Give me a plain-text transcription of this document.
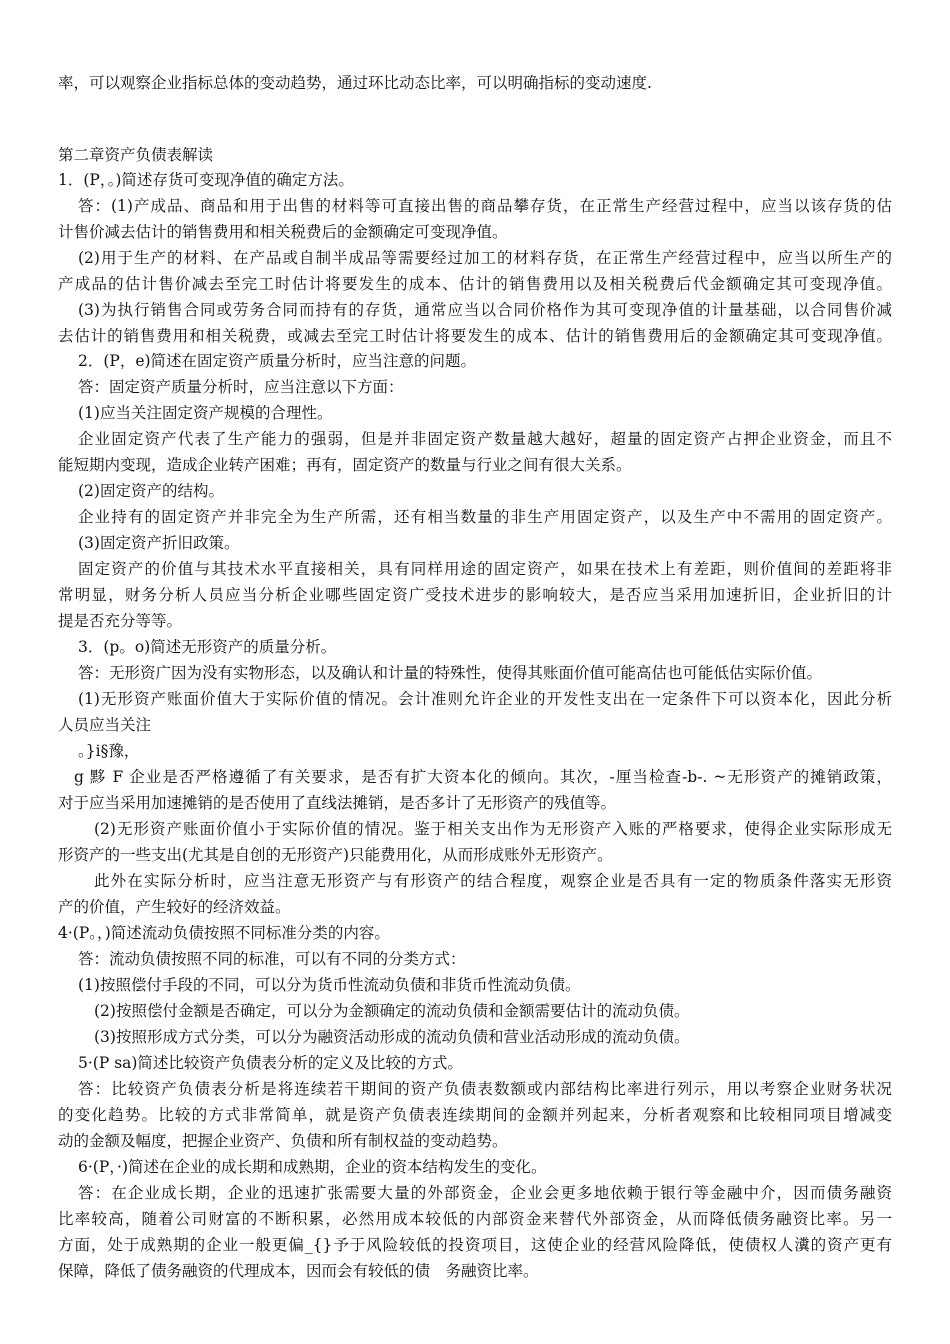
率，可以观察企业指标总体的变动趋势，通过环比动态比率，可以明确指标的变动速度.
第二章资产负债表解读
1．(P，。)简述存货可变现净值的确定方法。
答：(1)产成品、商品和用于出售的材料等可直接出售的商品攀存货，在正常生产经营过程中，应当以该存货的估
计售价减去估计的销售费用和相关税费后的金额确定可变现净值。
(2)用于生产的材料、在产品或自制半成品等需要经过加工的材料存货，在正常生产经营过程中，应当以所生产的
产成品的估计售价减去至完工时估计将要发生的成本、估计的销售费用以及相关税费后代金额确定其可变现净值。
(3)为执行销售合同或劳务合同而持有的存货，通常应当以合同价格作为其可变现净值的计量基础，以合同售价减
去估计的销售费用和相关税费，或减去至完工时估计将要发生的成本、估计的销售费用后的金额确定其可变现净值。
2．(P，e)简述在固定资产质量分析时，应当注意的问题。
答：固定资产质量分析时，应当注意以下方面：
(1)应当关注固定资产规模的合理性。
企业固定资产代表了生产能力的强弱，但是并非固定资产数量越大越好，超量的固定资产占押企业资金，而且不
能短期内变现，造成企业转产困难；再有，固定资产的数量与行业之间有很大关系。
(2)固定资产的结构。
企业持有的固定资产并非完全为生产所需，还有相当数量的非生产用固定资产，以及生产中不需用的固定资产。
(3)固定资产折旧政策。
固定资产的价值与其技术水平直接相关，具有同样用途的固定资产，如果在技术上有差距，则价值间的差距将非
常明显，财务分析人员应当分析企业哪些固定资广受技术进步的影响较大，是否应当采用加速折旧，企业折旧的计
提是否充分等等。
3．(p。o)简述无形资产的质量分析。
答：无形资广因为没有实物形态，以及确认和计量的特殊性，使得其账面价值可能高估也可能低估实际价值。
(1)无形资产账面价值大于实际价值的情况。会计准则允许企业的开发性支出在一定条件下可以资本化，因此分析
人员应当关注
。}i§豫，
g 黟 F 企业是否严格遵循了有关要求，是否有扩大资本化的倾向。其次，-厘当检查-b-. ~无形资产的摊销政策，
对于应当采用加速摊销的是否使用了直线法摊销，是否多计了无形资产的残值等。
(2)无形资产账面价值小于实际价值的情况。鉴于相关支出作为无形资产入账的严格要求，使得企业实际形成无
形资产的一些支出(尤其是自创的无形资产)只能费用化，从而形成账外无形资产。
此外在实际分析时，应当注意无形资产与有形资产的结合程度，观察企业是否具有一定的物质条件落实无形资
产的价值，产生较好的经济效益。
4·(P。，)简述流动负债按照不同标准分类的内容。
答：流动负债按照不同的标准，可以有不同的分类方式：
(1)按照偿付手段的不同，可以分为货币性流动负债和非货币性流动负债。
(2)按照偿付金额是否确定，可以分为金额确定的流动负债和金额需要估计的流动负债。
(3)按照形成方式分类，可以分为融资活动形成的流动负债和营业活动形成的流动负债。
5·(P sa)简述比较资产负债表分析的定义及比较的方式。
答：比较资产负债表分析是将连续若干期间的资产负债表数额或内部结构比率进行列示，用以考察企业财务状况
的变化趋势。比较的方式非常简单，就是资产负债表连续期间的金额并列起来，分析者观察和比较相同项目增减变
动的金额及幅度，把握企业资产、负债和所有制权益的变动趋势。
6·(P，·)简述在企业的成长期和成熟期，企业的资本结构发生的变化。
答：在企业成长期，企业的迅速扩张需要大量的外部资金，企业会更多地依赖于银行等金融中介，因而债务融资
比率较高，随着公司财富的不断积累，必然用成本较低的内部资金来替代外部资金，从而降低债务融资比率。另一
方面，处于成熟期的企业一般更偏_{}予于风险较低的投资项目，这使企业的经营风险降低，使债权人瀵的资产更有
保障，降低了债务融资的代理成本，因而会有较低的债　务融资比率。
